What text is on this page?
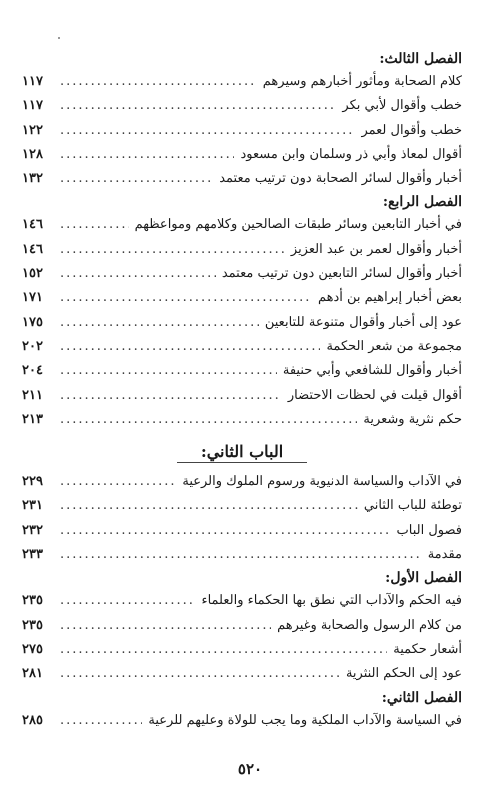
الفصل الثالث:
كلام الصحابة ومأثور أخبارهم وسيرهم
.....
١١٧
خطب وأقوال لأبي بكر
.....
١١٧
خطب وأقوال لعمر
.....
١٢٢
أقوال لمعاذ وأبي ذر وسلمان وابن مسعود
.....
١٢٨
أخبار وأقوال لسائر الصحابة دون ترتيب معتمد
.....
١٣٢
الفصل الرابع:
في أخبار التابعين وسائر طبقات الصالحين وكلامهم ومواعظهم
.....
١٤٦
أخبار وأقوال لعمر بن عبد العزيز
.....
١٤٦
أخبار وأقوال لسائر التابعين دون ترتيب معتمد
.....
١٥٢
بعض أخبار إبراهيم بن أدهم
.....
١٧١
عود إلى أخبار وأقوال متنوعة للتابعين
.....
١٧٥
مجموعة من شعر الحكمة
.....
٢٠٢
أخبار وأقوال للشافعي وأبي حنيفة
.....
٢٠٤
أقوال قيلت في لحظات الاحتضار
.....
٢١١
حكم نثرية وشعرية
.....
٢١٣
الباب الثاني:
في الآداب والسياسة الدنيوية ورسوم الملوك والرعية
.....
٢٢٩
توطئة للباب الثاني
.....
٢٣١
فصول الباب
.....
٢٣٢
مقدمة
.....
٢٣٣
الفصل الأول:
فيه الحكم والآداب التي نطق بها الحكماء والعلماء
.....
٢٣٥
من كلام الرسول والصحابة وغيرهم
.....
٢٣٥
أشعار حكمية
.....
٢٧٥
عود إلى الحكم النثرية
.....
٢٨١
الفصل الثاني:
في السياسة والآداب الملكية وما يجب للولاة وعليهم للرعية
.....
٢٨٥
٥٢٠
